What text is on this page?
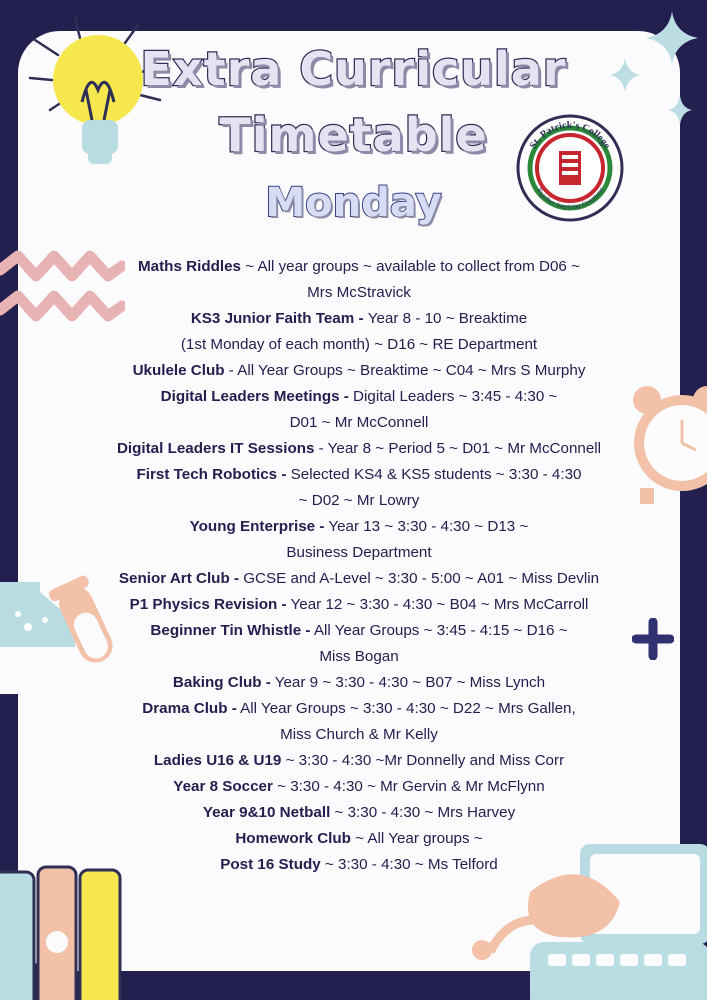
Extra Curricular
Timetable
Monday
St. Patrick's College
Together Inspiring Greatness
Maths Riddles ~ All year groups ~ available to collect from D06 ~
Mrs McStravick
KS3 Junior Faith Team - Year 8 - 10 ~ Breaktime
(1st Monday of each month) ~ D16 ~ RE Department
Ukulele Club - All Year Groups ~ Breaktime ~ C04 ~ Mrs S Murphy
Digital Leaders Meetings - Digital Leaders ~ 3:45 - 4:30 ~
D01 ~ Mr McConnell
Digital Leaders IT Sessions - Year 8 ~ Period 5 ~ D01 ~ Mr McConnell
First Tech Robotics - Selected KS4 & KS5 students ~ 3:30 - 4:30
~ D02 ~ Mr Lowry
Young Enterprise - Year 13 ~ 3:30 - 4:30 ~ D13 ~
Business Department
Senior Art Club - GCSE and A-Level ~ 3:30 - 5:00 ~ A01 ~ Miss Devlin
P1 Physics Revision - Year 12 ~ 3:30 - 4:30 ~ B04 ~ Mrs McCarroll
Beginner Tin Whistle - All Year Groups ~ 3:45 - 4:15 ~ D16 ~
Miss Bogan
Baking Club - Year 9 ~ 3:30 - 4:30 ~ B07 ~ Miss Lynch
Drama Club - All Year Groups ~ 3:30 - 4:30 ~ D22 ~ Mrs Gallen,
Miss Church & Mr Kelly
Ladies U16 & U19 ~ 3:30 - 4:30 ~Mr Donnelly and Miss Corr
Year 8 Soccer ~ 3:30 - 4:30 ~ Mr Gervin & Mr McFlynn
Year 9&10 Netball ~ 3:30 - 4:30 ~ Mrs Harvey
Homework Club ~ All Year groups ~
Post 16 Study ~ 3:30 - 4:30 ~ Ms Telford
